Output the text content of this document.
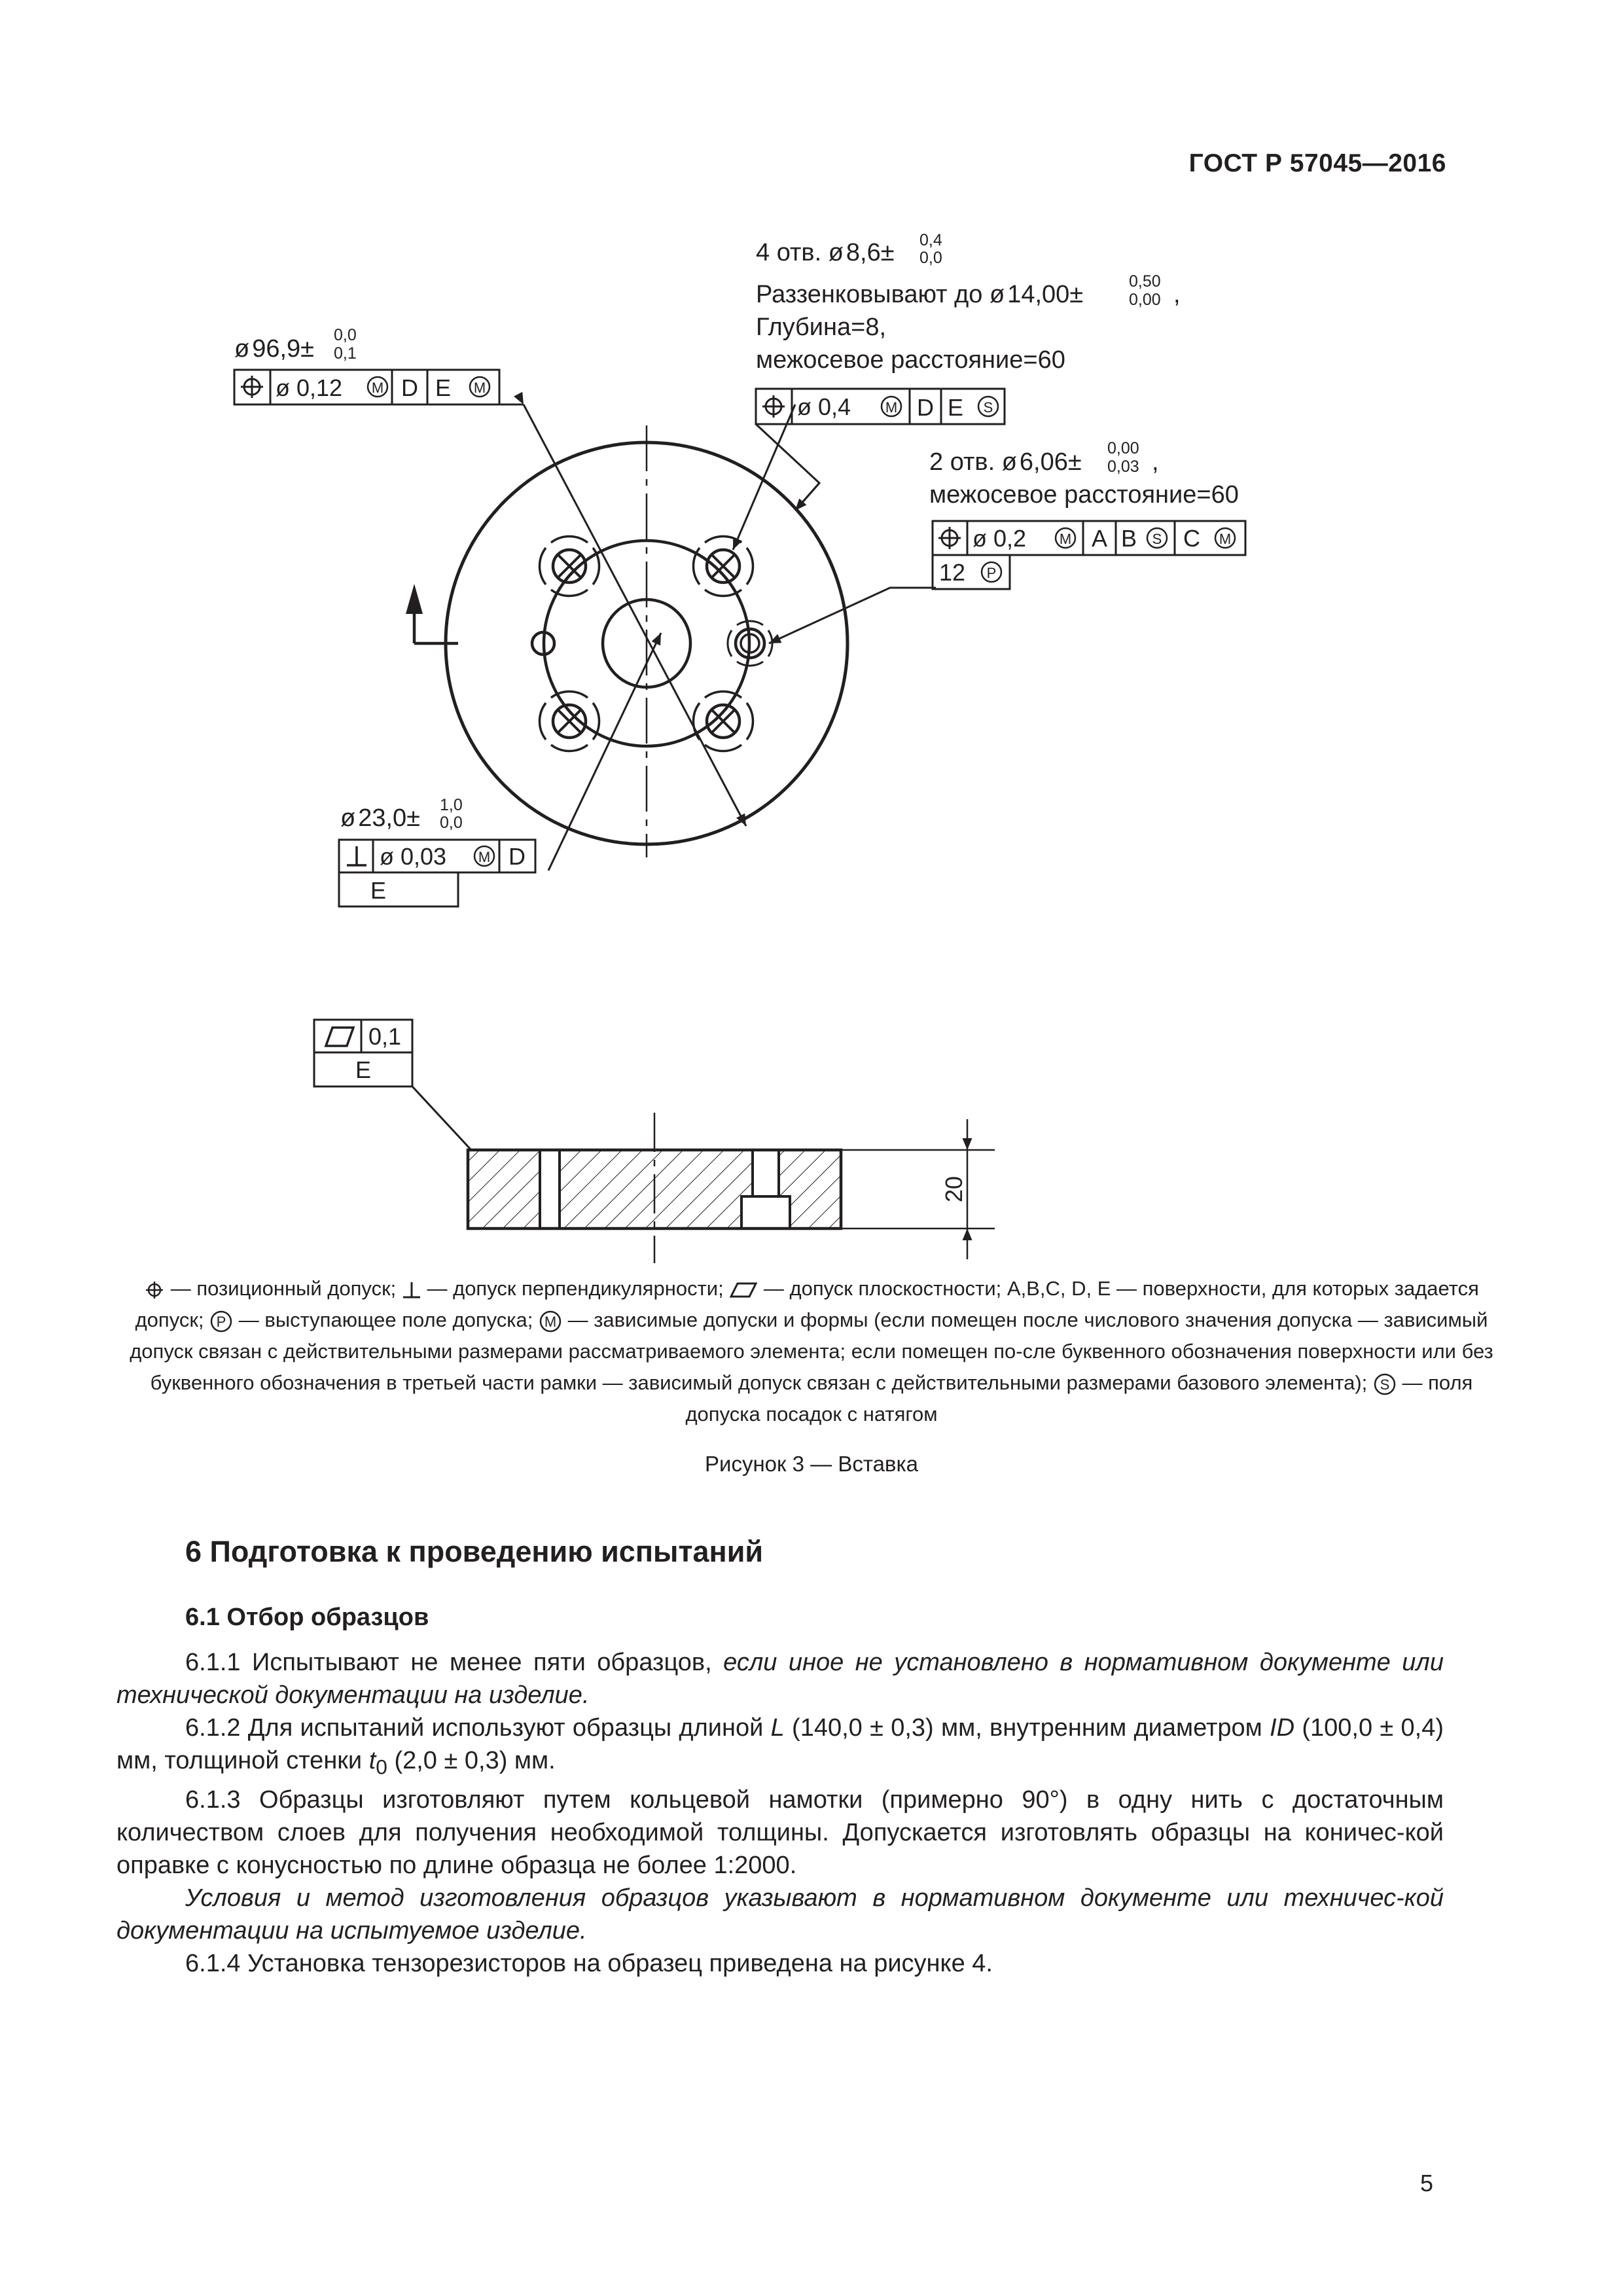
ГОСТ Р 57045—2016
ø 96,9± 0,0
0,1
ø 0,12 M D E M
4 отв. ø 8,6± 0,4
0,0
Раззенковывают до ø 14,00±	0,50
0,00 ,
Глубина=8,
межосевое расстояние=60
ø 0,4 M D E S
2 отв. ø 6,06± 0,00
0,03 ,
межосевое расстояние=60
ø 0,2 M A B S C M
12 P
ø 23,0± 1,0
0,0
ø 0,03 M D
E
20
0,1
E
— позиционный допуск;  — допуск перпендикулярности;  — допуск плоскостности; A,B,C, D, E — поверхности, для которых задается допуск; P — выступающее поле допуска; M — зависимые допуски и формы (если помещен после числового значения допуска — зависимый допуск связан с действительными размерами рассматриваемого элемента; если помещен по-сле буквенного обозначения поверхности или без буквенного обозначения в третьей части рамки — зависимый допуск связан с действительными размерами базового элемента); S — поля допуска посадок с натягом
Рисунок 3 — Вставка
6 Подготовка к проведению испытаний
6.1 Отбор образцов

6.1.1 Испытывают не менее пяти образцов, если иное не установлено в нормативном документе или технической документации на изделие.

6.1.2 Для испытаний используют образцы длиной L (140,0 ± 0,3) мм, внутренним диаметром ID (100,0 ± 0,4) мм, толщиной стенки $t_0$ (2,0 ± 0,3) мм.

6.1.3 Образцы изготовляют путем кольцевой намотки (примерно 90°) в одну нить с достаточным количеством слоев для получения необходимой толщины. Допускается изготовлять образцы на коничес-кой оправке с конусностью по длине образца не более 1:2000.

Условия и метод изготовления образцов указывают в нормативном документе или техничес-кой документации на испытуемое изделие.

6.1.4 Установка тензорезисторов на образец приведена на рисунке 4.

5
